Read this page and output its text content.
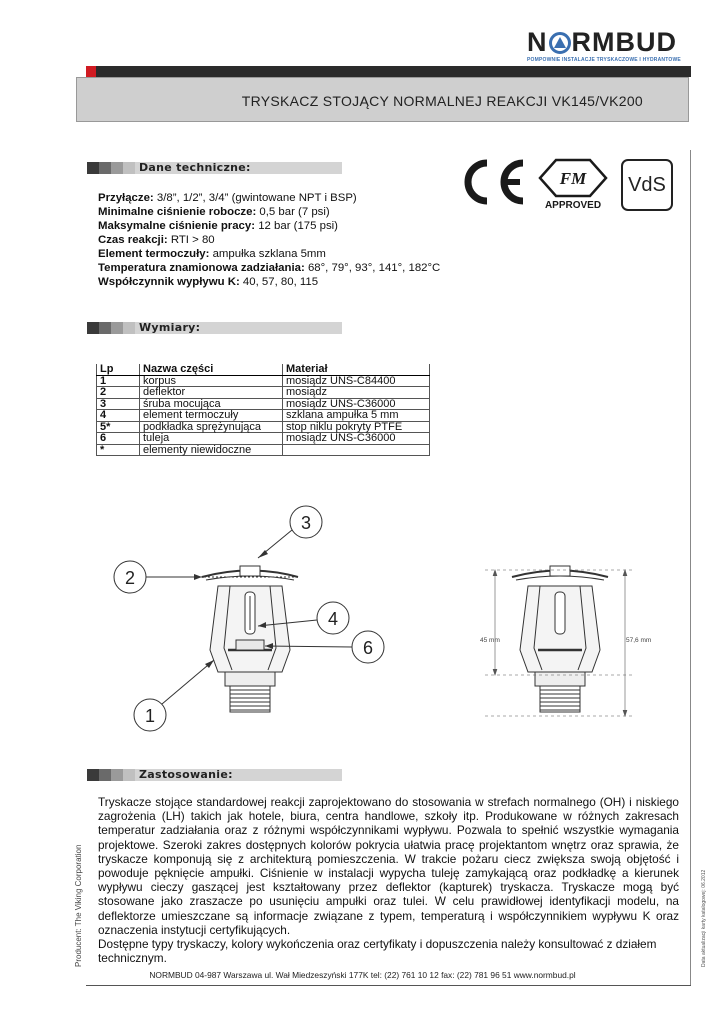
N RMBUD
POMPOWNIE INSTALACJE TRYSKACZOWE I HYDRANTOWE
TRYSKACZ STOJĄCY NORMALNEJ REAKCJI VK145/VK200
Dane techniczne:
Przyłącze: 3/8”, 1/2”, 3/4” (gwintowane NPT i BSP)
Minimalne ciśnienie robocze: 0,5 bar (7 psi)
Maksymalne ciśnienie pracy: 12 bar (175 psi)
Czas reakcji: RTI > 80
Element termoczuły: ampułka szklana 5mm
Temperatura znamionowa zadziałania: 68°, 79°, 93°, 141°, 182°C
Współczynnik wypływu K: 40, 57, 80, 115
FM
APPROVED
VdS
Wymiary:
Lp	Nazwa części	Materiał
1	korpus	mosiądz UNS-C84400
2	deflektor	mosiądz
3	śruba mocująca	mosiądz UNS-C36000
4	element termoczuły	szklana ampułka 5 mm
5*	podkładka sprężynująca	stop niklu pokryty PTFE
6	tuleja	mosiądz UNS-C36000
*	elementy niewidoczne	
45 mm	57,6 mm
3
2
4
6
1
Zastosowanie:
Tryskacze stojące standardowej reakcji zaprojektowano do stosowania w strefach normalnego (OH) i niskiego zagrożenia (LH) takich jak hotele, biura, centra handlowe, szkoły itp. Produkowane w różnych zakresach temperatur zadziałania oraz z różnymi współczynnikami wypływu. Pozwala to spełnić wszystkie wymagania projektowe. Szeroki zakres dostępnych kolorów pokrycia ułatwia pracę projektantom wnętrz oraz sprawia, że tryskacze komponują się z architekturą pomieszczenia. W trakcie pożaru ciecz zwiększa swoją objętość i powoduje pęknięcie ampułki. Ciśnienie w instalacji wypycha tuleję zamykającą oraz podkładkę a kierunek wypływu cieczy gaszącej jest kształtowany przez deflektor (kapturek) tryskacza. Tryskacze mogą być stosowane jako zraszacze po usunięciu ampułki oraz tulei. W celu prawidłowej identyfikacji modelu, na deflektorze umieszczane są informacje związane z typem, temperaturą i współczynnikiem wypływu K oraz oznaczenia instytucji certyfikujących.
Dostępne typy tryskaczy, kolory wykończenia oraz certyfikaty i dopuszczenia należy konsultować z działem technicznym.
Producent: The Viking Corporation	Data aktualizacji karty katalogowej: 06.2012
NORMBUD 04-987 Warszawa ul. Wał Miedzeszyński 177K tel: (22) 761 10 12 fax: (22) 781 96 51 www.normbud.pl
